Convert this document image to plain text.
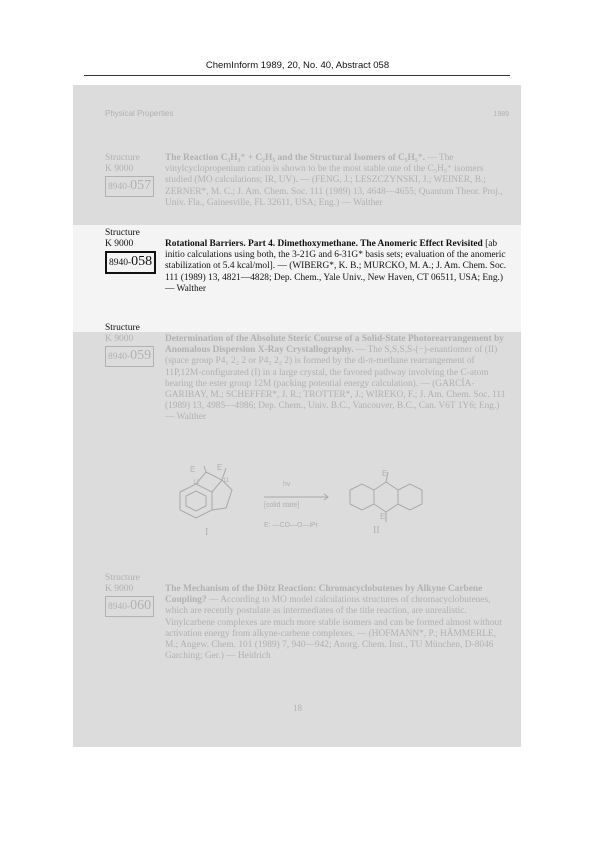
ChemInform 1989, 20, No. 40, Abstract 058
Physical Properties	1989
Structure
K 9000
8940-057
The Reaction C₃H₃⁺ + C₂H₃ and the Structural Isomers of C₅H₅⁺. — The vinylcyclopropenium cation is shown to be the most stable one of the C₅H₅⁺ isomers studied (MO calculations; IR, UV). — (FENG, J.; LESZCZYNSKI, J.; WEINER, B.; ZERNER*, M. C.; J. Am. Chem. Soc. 111 (1989) 13, 4648—4655; Quantum Theor. Proj., Univ. Fla., Gainesville, FL 32611, USA; Eng.) — Walther
Structure
K 9000
8940-058
Rotational Barriers. Part 4. Dimethoxymethane. The Anomeric Effect Revisited [ab initio calculations using both, the 3-21G and 6-31G* basis sets; evaluation of the anomeric stabilization ot 5.4 kcal/mol]. — (WIBERG*, K. B.; MURCKO, M. A.; J. Am. Chem. Soc. 111 (1989) 13, 4821—4828; Dep. Chem., Yale Univ., New Haven, CT 06511, USA; Eng.) — Walther
Structure
K 9000
8940-059
Determination of the Absolute Steric Course of a Solid-State Photorearrangement by Anomalous Dispersion X-Ray Crystallography. — The S,S,S,S-(−)-enantiomer of (II) (space group P4₁ 2₂ 2 or P4₃ 2₂ 2) is formed by the di-π-methane rearrangement of 11P,12M-configurated (I) in a large crystal, the favored pathway involving the C-atom bearing the ester group 12M (packing potential energy calculation). — (GARCÍA-GARIBAY, M.; SCHEFFER*, J. R.; TROTTER*, J.; WIREKO, F.; J. Am. Chem. Soc. 111 (1989) 13, 4985—4986; Dep. Chem., Univ. B.C., Vancouver, B.C., Can. V6T 1Y6; Eng.) — Walther
E	E
12	11
E
E
hν
[solid state]
E: —CO—O—iPr
I	II
Structure
K 9000
8940-060
The Mechanism of the Dötz Reaction: Chromacyclobutenes by Alkyne Carbene Coupling? — According to MO model calculations structures of chromacyclobutenes, which are recently postulate as intermediates of the title reaction, are unrealistic. Vinylcarbene complexes are much more stable isomers and can be formed almost without activation energy from alkyne-carbene complexes. — (HOFMANN*, P.; HÄMMERLE, M.; Angew. Chem. 101 (1989) 7, 940—942; Anorg. Chem. Inst., TU München, D-8046 Garching; Ger.) — Heidrich
18
